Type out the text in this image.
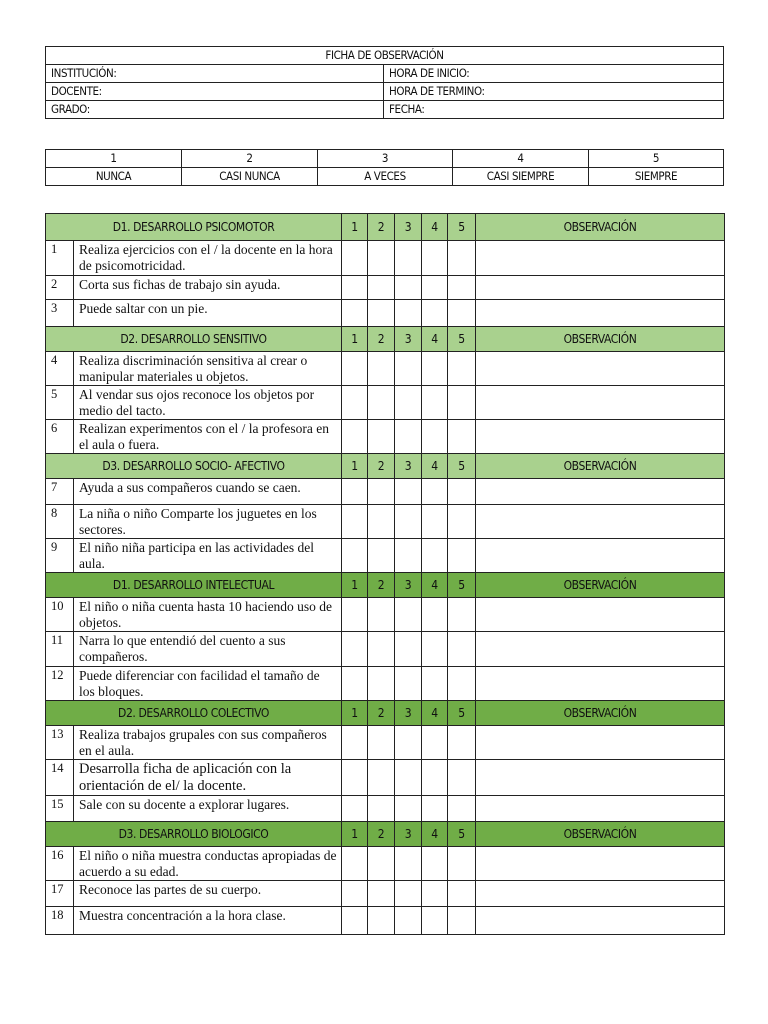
FICHA DE OBSERVACIÓN	
INSTITUCIÓN:	HORA DE INICIO:
DOCENTE:	HORA DE TERMINO:
GRADO:	FECHA:
1	2	3	4	5
NUNCA	CASI NUNCA	A VECES	CASI SIEMPRE	SIEMPRE
D1. DESARROLLO PSICOMOTOR		1	2	3	4	5	OBSERVACIÓN
1	Realiza ejercicios con el / la docente en la hora de psicomotricidad.						
2	Corta sus fichas de trabajo sin ayuda.						
3	Puede saltar con un pie.						
D2. DESARROLLO SENSITIVO		1	2	3	4	5	OBSERVACIÓN
4	Realiza discriminación sensitiva al crear o manipular materiales u objetos.						
5	Al vendar sus ojos reconoce los objetos por medio del tacto.						
6	Realizan experimentos con el / la profesora en el aula o fuera.						
D3. DESARROLLO SOCIO- AFECTIVO		1	2	3	4	5	OBSERVACIÓN
7	Ayuda a sus compañeros cuando se caen.						
8	La niña o niño Comparte los juguetes en los sectores.						
9	El niño niña participa en las actividades del aula.						
D1. DESARROLLO INTELECTUAL		1	2	3	4	5	OBSERVACIÓN
10	El niño o niña cuenta hasta 10 haciendo uso de objetos.						
11	Narra lo que entendió del cuento a sus compañeros.						
12	Puede diferenciar con facilidad el tamaño de los bloques.						
D2. DESARROLLO COLECTIVO		1	2	3	4	5	OBSERVACIÓN
13	Realiza trabajos grupales con sus compañeros en el aula.						
14	Desarrolla ficha de aplicación con la orientación de el/ la docente.						
15	Sale con su docente a explorar lugares.						
D3. DESARROLLO BIOLOGICO		1	2	3	4	5	OBSERVACIÓN
16	El niño o niña muestra conductas apropiadas de acuerdo a su edad.						
17	Reconoce las partes de su cuerpo.						
18	Muestra concentración a la hora clase.						
